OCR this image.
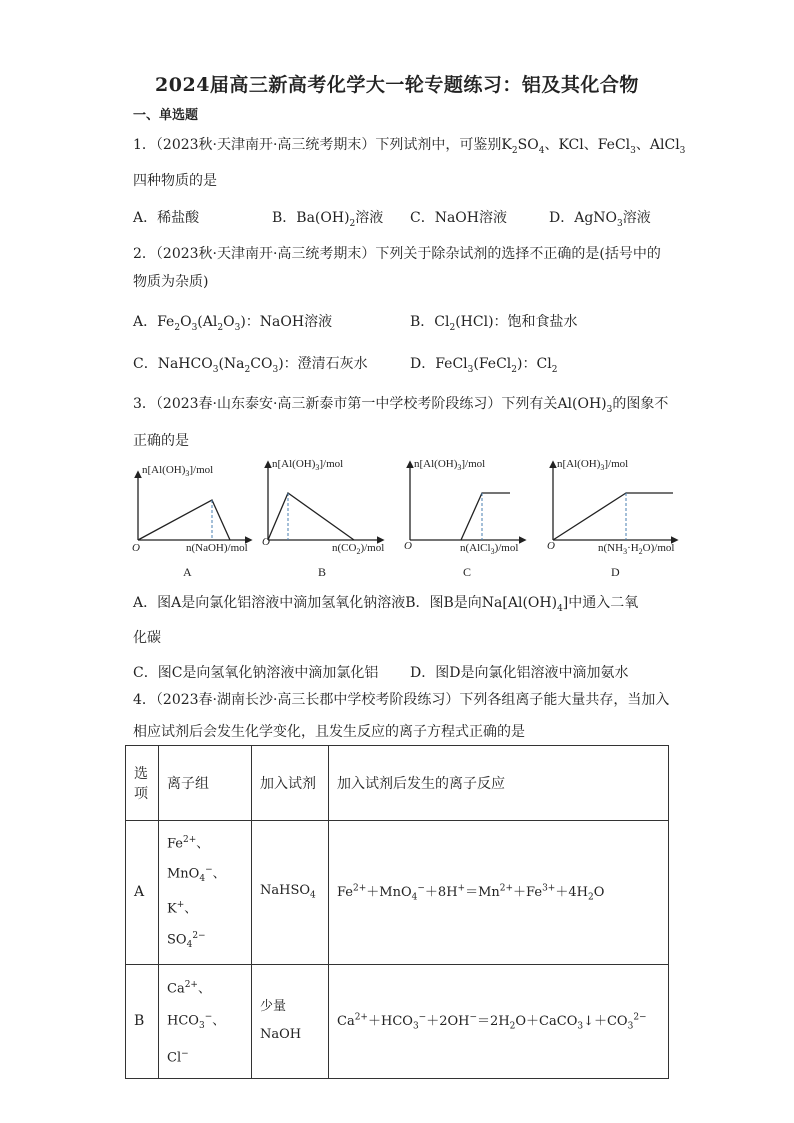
2024届高三新高考化学大一轮专题练习：铝及其化合物
一、单选题
1．（2023秋·天津南开·高三统考期末）下列试剂中，可鉴别$K_2SO_4$、KCl、FeCl$_3$、AlCl$_3$
四种物质的是
A．稀盐酸	B．$Ba(OH)_2$溶液 C．NaOH溶液	D．AgNO$_3$溶液
2．（2023秋·天津南开·高三统考期末）下列关于除杂试剂的选择不正确的是(括号中的
物质为杂质)
A．$Fe_2O_3(Al_2O_3)$：NaOH溶液	B．$Cl_2(HCl)$：饱和食盐水
C．$NaHCO_3(Na_2CO_3)$：澄清石灰水	D．FeCl$_3$(FeCl$_2$)：$Cl_2$
3．（2023春·山东泰安·高三新泰市第一中学校考阶段练习）下列有关$Al(OH)_3$的图象不
正确的是
$n[Al(OH)_3]$/mol
O	n(NaOH)/mol
$n[Al(OH)_3]$/mol
O	$n(CO_2)$/mol
$n[Al(OH)_3]$/mol
O	n(AlCl$_3$)/mol
$n[Al(OH)_3]$/mol
O	$n(NH_3\cdot H_2O)$/mol
A	B	C	D
A．图A是向氯化铝溶液中滴加氢氧化钠溶液B．图B是向$Na[Al(OH)_4]$中通入二氧
化碳
C．图C是向氢氧化钠溶液中滴加氯化铝 D．图D是向氯化铝溶液中滴加氨水
4．（2023春·湖南长沙·高三长郡中学校考阶段练习）下列各组离子能大量共存，当加入
相应试剂后会发生化学变化，且发生反应的离子方程式正确的是
选项	离子组	加入试剂	加入试剂后发生的离子反应
A	$Fe^{2+}$、
MnO$_4$−、K+、
$SO_4^{2-}$	NaHSO$_4$	$Fe^{2+}+MnO_4^-+8H^+=Mn^{2+}+Fe^{3+}+4H_2O$
B	$Ca^{2+}$、
$HCO_3^-$、Cl−	少量NaOH	$Ca^{2+}+HCO_3^-+2OH^-=2H_2O+CaCO_3↓+CO_3^{2-}$
